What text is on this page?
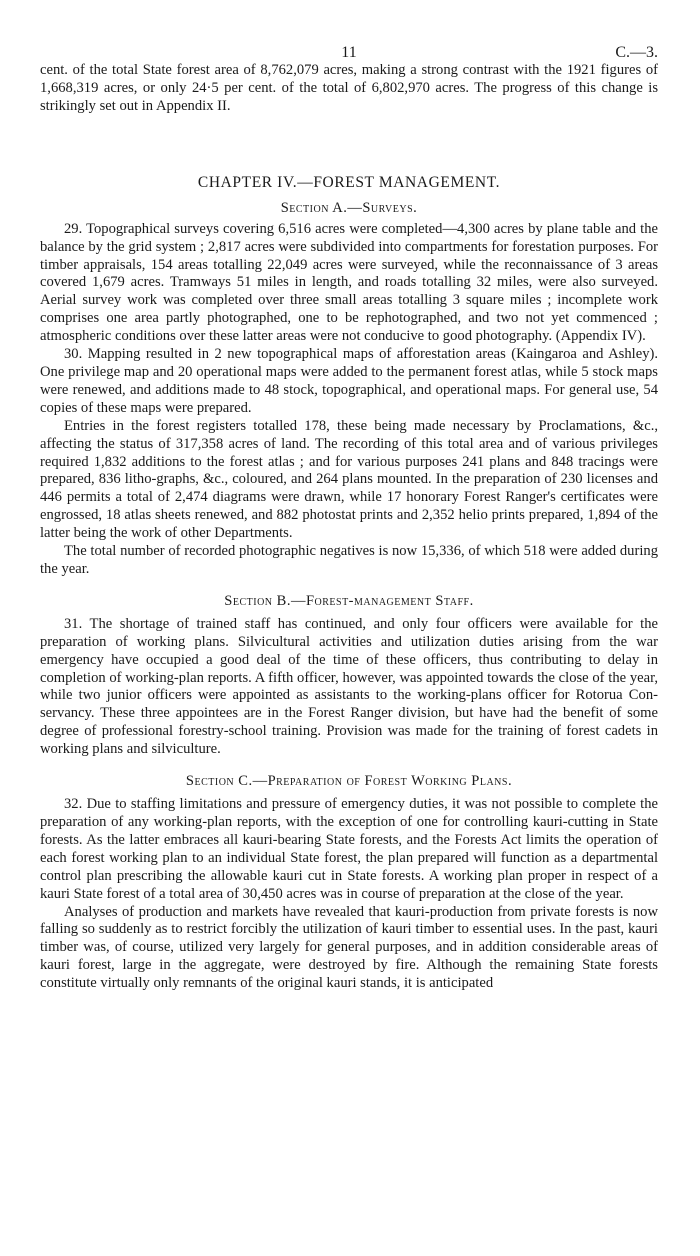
11	C.—3.

cent. of the total State forest area of 8,762,079 acres, making a strong contrast with the 1921 figures of 1,668,319 acres, or only 24·5 per cent. of the total of 6,802,970 acres. The progress of this change is strikingly set out in Appendix II.

CHAPTER IV.—FOREST MANAGEMENT.
Section A.—Surveys.

29. Topographical surveys covering 6,516 acres were completed—4,300 acres by plane table and the balance by the grid system ; 2,817 acres were subdivided into compartments for forestation purposes. For timber appraisals, 154 areas totalling 22,049 acres were surveyed, while the reconnaissance of 3 areas covered 1,679 acres. Tramways 51 miles in length, and roads totalling 32 miles, were also surveyed. Aerial survey work was completed over three small areas totalling 3 square miles ; incomplete work comprises one area partly photographed, one to be rephotographed, and two not yet commenced ; atmospheric conditions over these latter areas were not conducive to good photography. (Appendix IV).

30. Mapping resulted in 2 new topographical maps of afforestation areas (Kaingaroa and Ashley). One privilege map and 20 operational maps were added to the permanent forest atlas, while 5 stock maps were renewed, and additions made to 48 stock, topographical, and operational maps. For general use, 54 copies of these maps were prepared.

Entries in the forest registers totalled 178, these being made necessary by Proclamations, &c., affecting the status of 317,358 acres of land. The recording of this total area and of various privileges required 1,832 additions to the forest atlas ; and for various purposes 241 plans and 848 tracings were prepared, 836 litho-graphs, &c., coloured, and 264 plans mounted. In the preparation of 230 licenses and 446 permits a total of 2,474 diagrams were drawn, while 17 honorary Forest Ranger's certificates were engrossed, 18 atlas sheets renewed, and 882 photostat prints and 2,352 helio prints prepared, 1,894 of the latter being the work of other Departments.

The total number of recorded photographic negatives is now 15,336, of which 518 were added during the year.

Section B.—Forest-management Staff.

31. The shortage of trained staff has continued, and only four officers were available for the preparation of working plans. Silvicultural activities and utilization duties arising from the war emergency have occupied a good deal of the time of these officers, thus contributing to delay in completion of working-plan reports. A fifth officer, however, was appointed towards the close of the year, while two junior officers were appointed as assistants to the working-plans officer for Rotorua Con-servancy. These three appointees are in the Forest Ranger division, but have had the benefit of some degree of professional forestry-school training. Provision was made for the training of forest cadets in working plans and silviculture.

Section C.—Preparation of Forest Working Plans.

32. Due to staffing limitations and pressure of emergency duties, it was not possible to complete the preparation of any working-plan reports, with the exception of one for controlling kauri-cutting in State forests. As the latter embraces all kauri-bearing State forests, and the Forests Act limits the operation of each forest working plan to an individual State forest, the plan prepared will function as a departmental control plan prescribing the allowable kauri cut in State forests. A working plan proper in respect of a kauri State forest of a total area of 30,450 acres was in course of preparation at the close of the year.

Analyses of production and markets have revealed that kauri-production from private forests is now falling so suddenly as to restrict forcibly the utilization of kauri timber to essential uses. In the past, kauri timber was, of course, utilized very largely for general purposes, and in addition considerable areas of kauri forest, large in the aggregate, were destroyed by fire. Although the remaining State forests constitute virtually only remnants of the original kauri stands, it is anticipated
